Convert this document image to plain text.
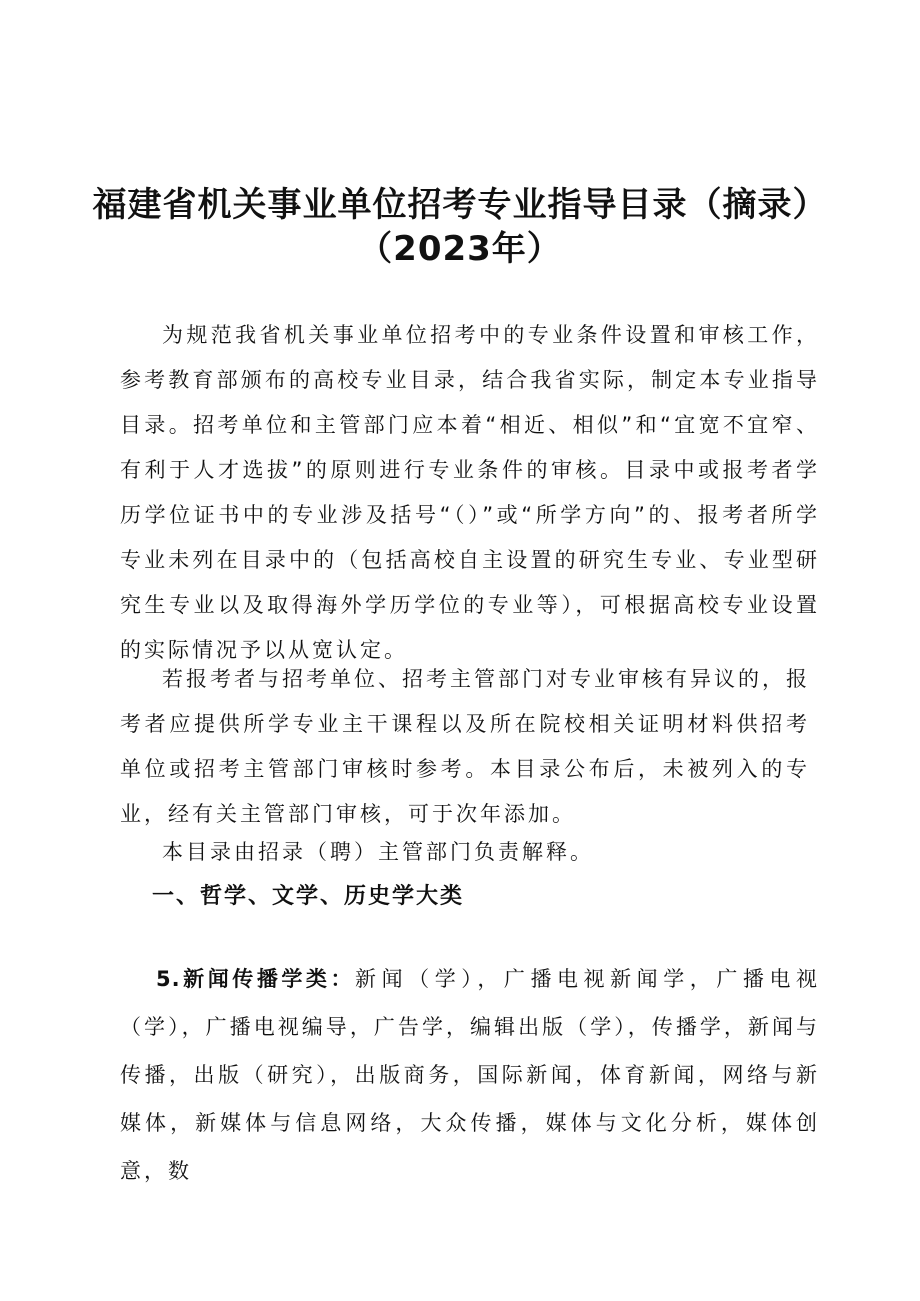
福建省机关事业单位招考专业指导目录（摘录）
（2023年）
为规范我省机关事业单位招考中的专业条件设置和审核工作，参考教育部颁布的高校专业目录，结合我省实际，制定本专业指导目录。招考单位和主管部门应本着“相近、相似”和“宜宽不宜窄、有利于人才选拔”的原则进行专业条件的审核。目录中或报考者学历学位证书中的专业涉及括号“（）”或“所学方向”的、报考者所学专业未列在目录中的（包括高校自主设置的研究生专业、专业型研究生专业以及取得海外学历学位的专业等），可根据高校专业设置的实际情况予以从宽认定。
若报考者与招考单位、招考主管部门对专业审核有异议的，报考者应提供所学专业主干课程以及所在院校相关证明材料供招考单位或招考主管部门审核时参考。本目录公布后，未被列入的专业，经有关主管部门审核，可于次年添加。
本目录由招录（聘）主管部门负责解释。
一、哲学、文学、历史学大类
5.新闻传播学类：新闻（学），广播电视新闻学，广播电视（学），广播电视编导，广告学，编辑出版（学），传播学，新闻与传播，出版（研究），出版商务，国际新闻，体育新闻，网络与新媒体，新媒体与信息网络，大众传播，媒体与文化分析，媒体创意，数
